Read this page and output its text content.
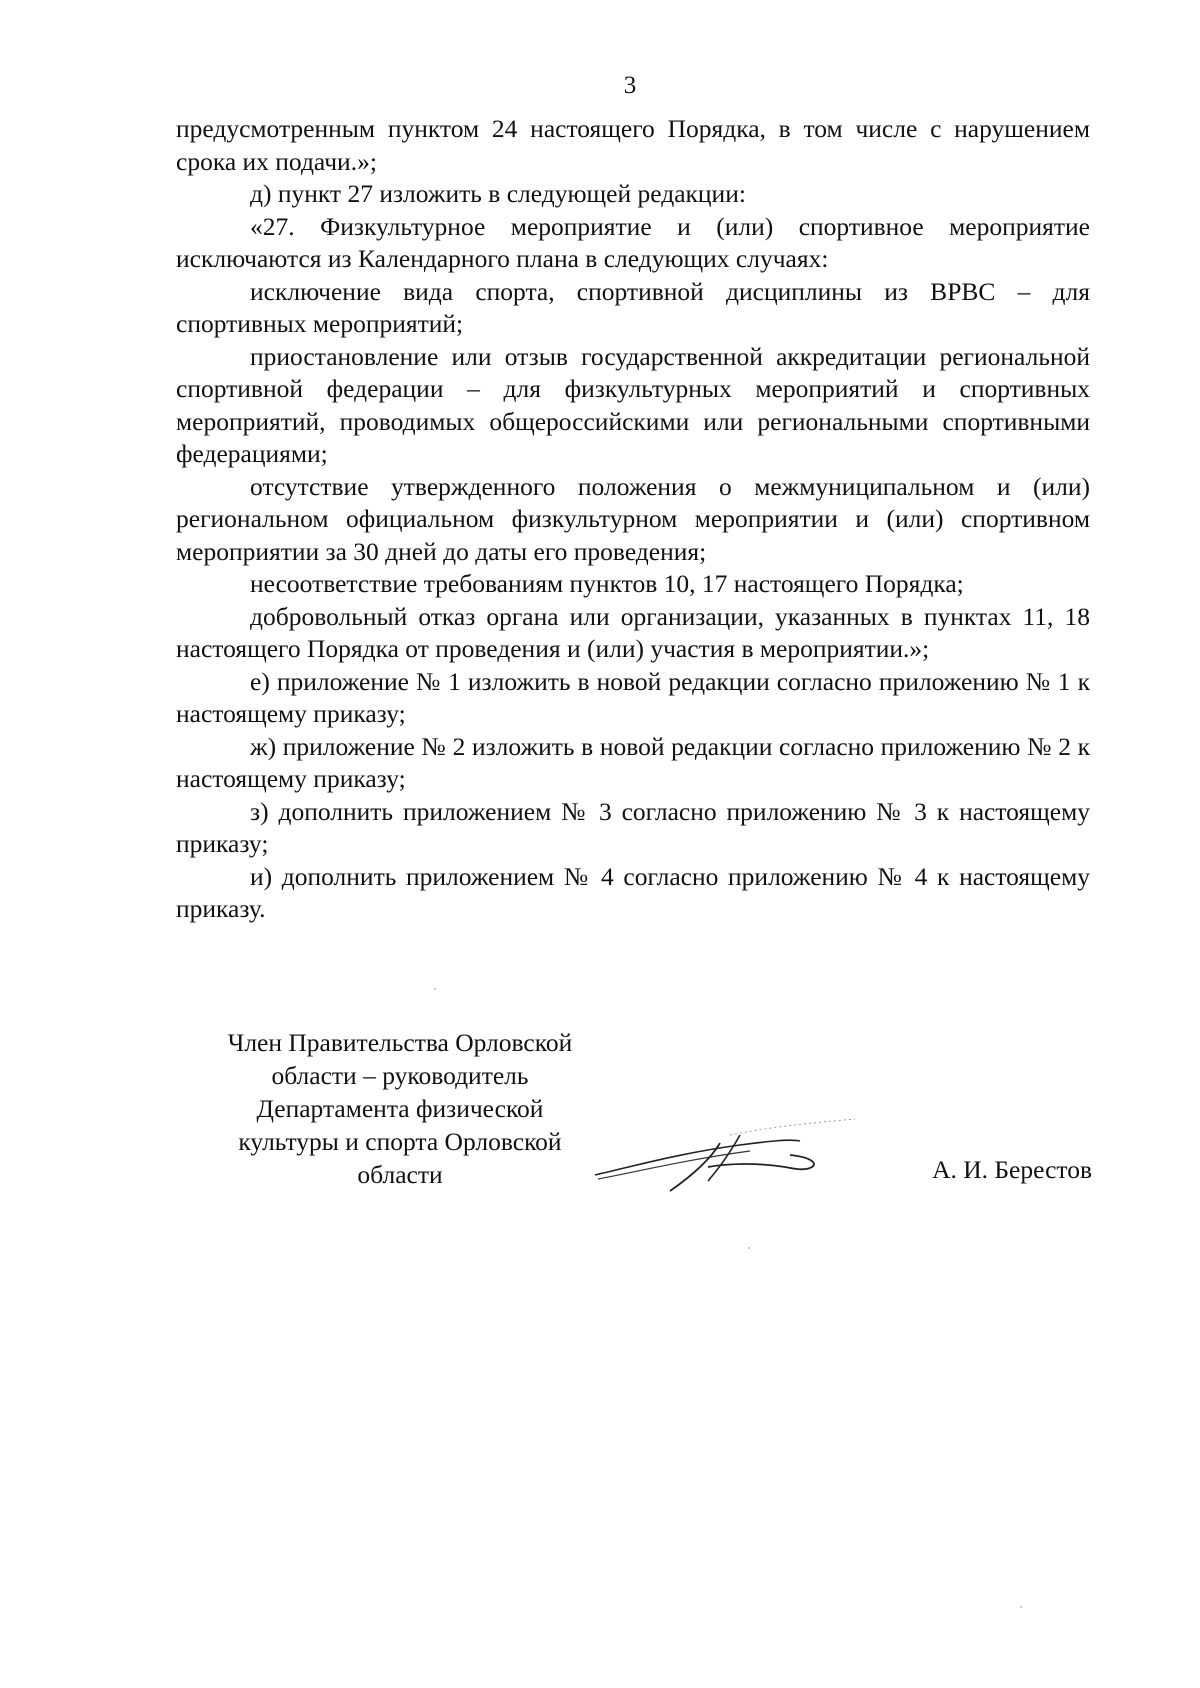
3

предусмотренным пунктом 24 настоящего Порядка, в том числе с нарушением срока их подачи.»;

д) пункт 27 изложить в следующей редакции:

«27. Физкультурное мероприятие и (или) спортивное мероприятие исключаются из Календарного плана в следующих случаях:

исключение вида спорта, спортивной дисциплины из ВРВС – для спортивных мероприятий;

приостановление или отзыв государственной аккредитации региональной спортивной федерации – для физкультурных мероприятий и спортивных мероприятий, проводимых общероссийскими или региональными спортивными федерациями;

отсутствие утвержденного положения о межмуниципальном и (или) региональном официальном физкультурном мероприятии и (или) спортивном мероприятии за 30 дней до даты его проведения;

несоответствие требованиям пунктов 10, 17 настоящего Порядка;

добровольный отказ органа или организации, указанных в пунктах 11, 18 настоящего Порядка от проведения и (или) участия в мероприятии.»;

е) приложение № 1 изложить в новой редакции согласно приложению № 1 к настоящему приказу;

ж) приложение № 2 изложить в новой редакции согласно приложению № 2 к настоящему приказу;

з) дополнить приложением № 3 согласно приложению № 3 к настоящему приказу;

и) дополнить приложением № 4 согласно приложению № 4 к настоящему приказу.

Член Правительства Орловской
области – руководитель
Департамента физической
культуры и спорта Орловской
области	А. И. Берестов
